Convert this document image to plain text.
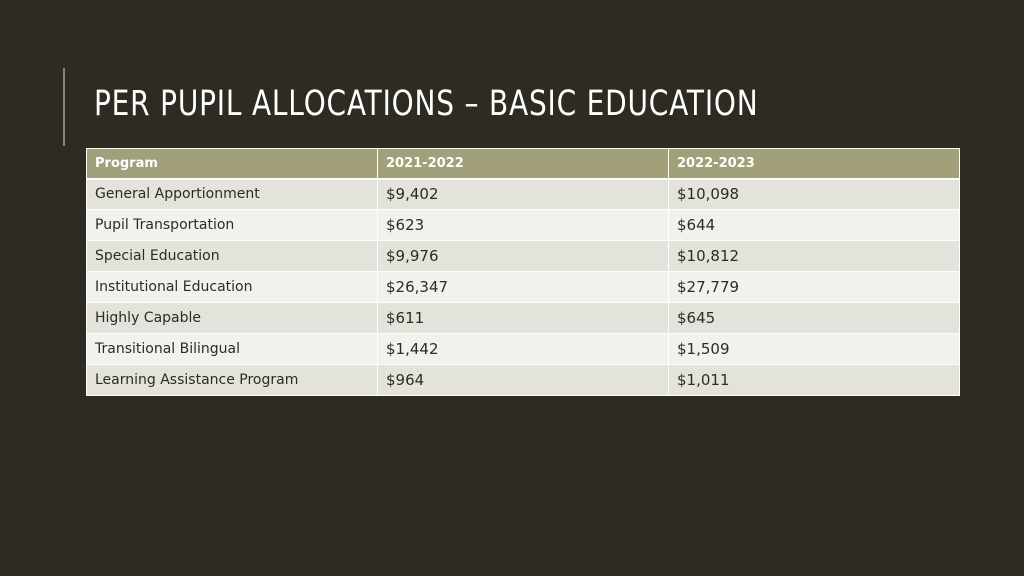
PER PUPIL ALLOCATIONS – BASIC EDUCATION
Program	2021-2022	2022-2023
General Apportionment	$9,402	$10,098
Pupil Transportation	$623	$644
Special Education	$9,976	$10,812
Institutional Education	$26,347	$27,779
Highly Capable	$611	$645
Transitional Bilingual	$1,442	$1,509
Learning Assistance Program	$964	$1,011
